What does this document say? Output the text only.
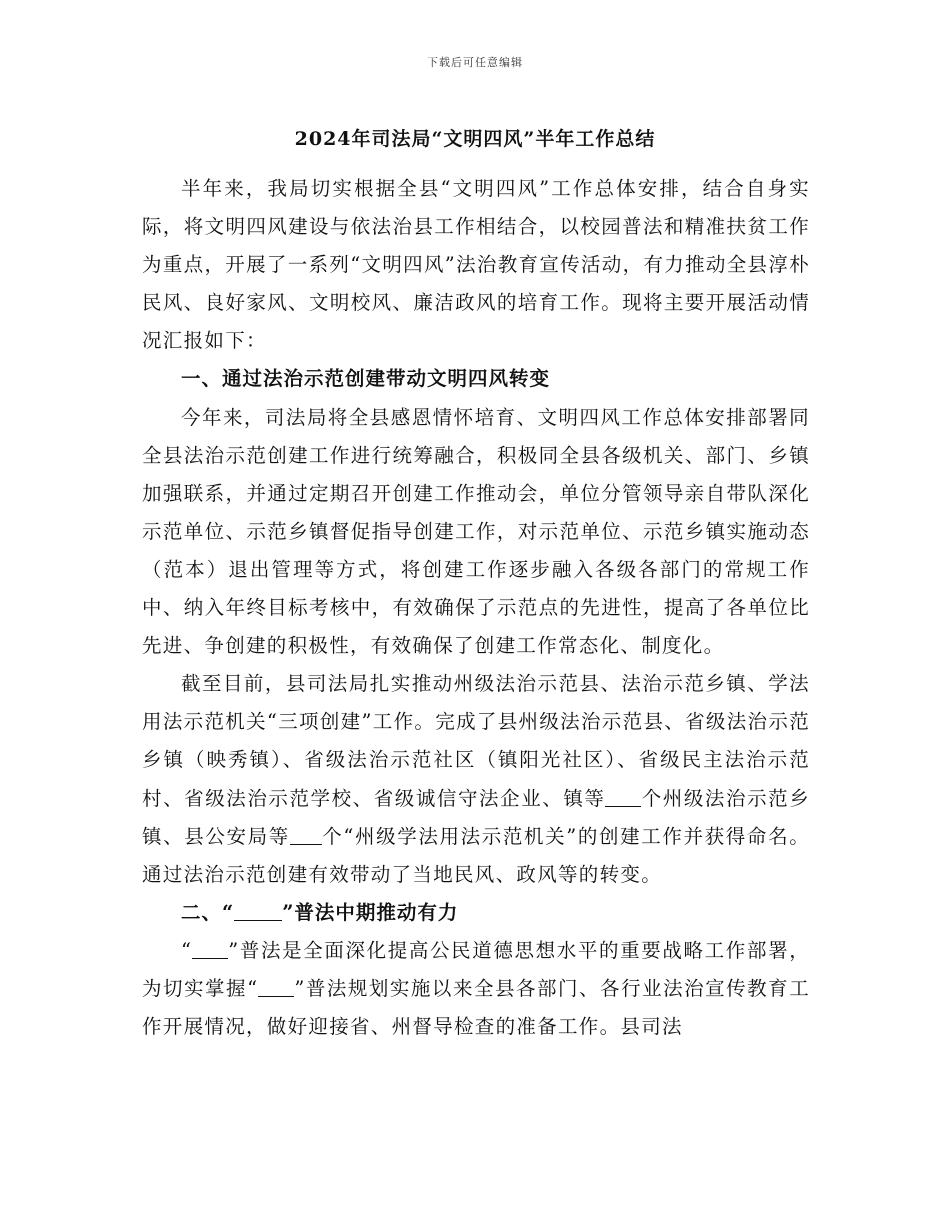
下载后可任意编辑
2024年司法局“文明四风”半年工作总结

半年来，我局切实根据全县“文明四风”工作总体安排，结合自身实际，将文明四风建设与依法治县工作相结合，以校园普法和精准扶贫工作为重点，开展了一系列“文明四风”法治教育宣传活动，有力推动全县淳朴民风、良好家风、文明校风、廉洁政风的培育工作。现将主要开展活动情况汇报如下：

一、通过法治示范创建带动文明四风转变

今年来，司法局将全县感恩情怀培育、文明四风工作总体安排部署同全县法治示范创建工作进行统筹融合，积极同全县各级机关、部门、乡镇加强联系，并通过定期召开创建工作推动会，单位分管领导亲自带队深化示范单位、示范乡镇督促指导创建工作，对示范单位、示范乡镇实施动态（范本）退出管理等方式，将创建工作逐步融入各级各部门的常规工作中、纳入年终目标考核中，有效确保了示范点的先进性，提高了各单位比先进、争创建的积极性，有效确保了创建工作常态化、制度化。

截至目前，县司法局扎实推动州级法治示范县、法治示范乡镇、学法用法示范机关“三项创建”工作。完成了县州级法治示范县、省级法治示范乡镇（映秀镇）、省级法治示范社区（镇阳光社区）、省级民主法治示范村、省级法治示范学校、省级诚信守法企业、镇等 个州级法治示范乡镇、县公安局等 个“州级学法用法示范机关”的创建工作并获得命名。通过法治示范创建有效带动了当地民风、政风等的转变。

二、“ ”普法中期推动有力

“ ”普法是全面深化提高公民道德思想水平的重要战略工作部署，为切实掌握“ ”普法规划实施以来全县各部门、各行业法治宣传教育工作开展情况，做好迎接省、州督导检查的准备工作。县司法
